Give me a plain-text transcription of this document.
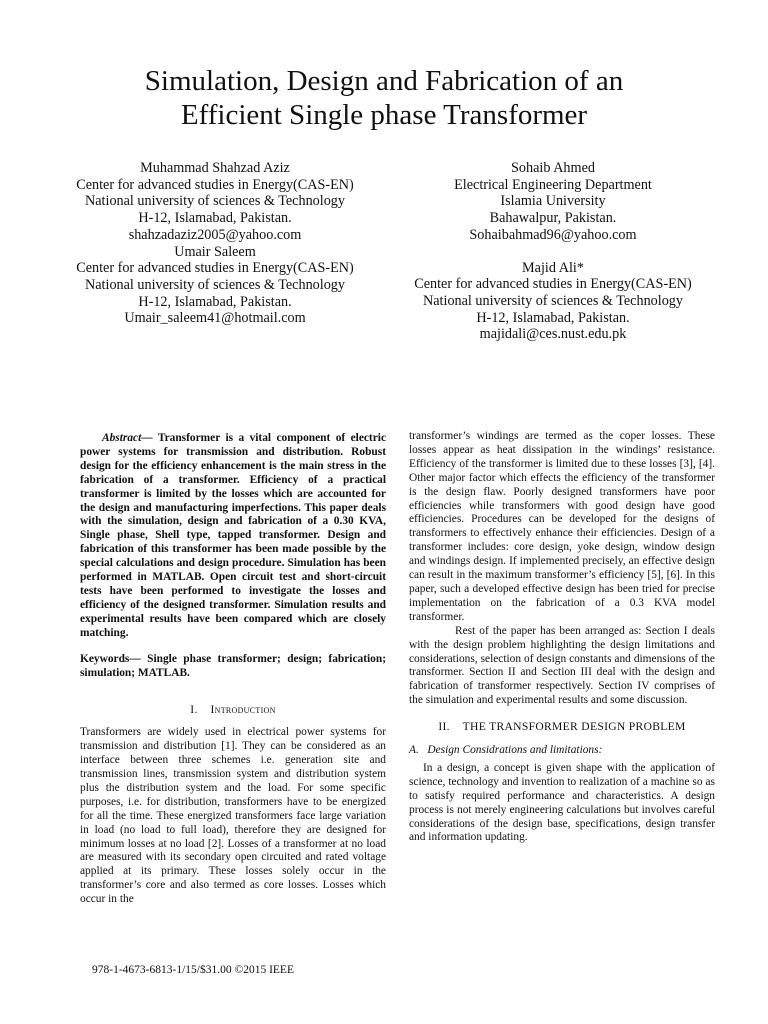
Simulation, Design and Fabrication of an
Efficient Single phase Transformer
Muhammad Shahzad Aziz
Center for advanced studies in Energy(CAS-EN)
National university of sciences & Technology
H-12, Islamabad, Pakistan.
shahzadaziz2005@yahoo.com
Umair Saleem
Center for advanced studies in Energy(CAS-EN)
National university of sciences & Technology
H-12, Islamabad, Pakistan.
Umair_saleem41@hotmail.com
Sohaib Ahmed
Electrical Engineering Department
Islamia University
Bahawalpur, Pakistan.
Sohaibahmad96@yahoo.com
Majid Ali*
Center for advanced studies in Energy(CAS-EN)
National university of sciences & Technology
H-12, Islamabad, Pakistan.
majidali@ces.nust.edu.pk

Abstract— Transformer is a vital component of electric power systems for transmission and distribution. Robust design for the efficiency enhancement is the main stress in the fabrication of a transformer. Efficiency of a practical transformer is limited by the losses which are accounted for the design and manufacturing imperfections. This paper deals with the simulation, design and fabrication of a 0.30 KVA, Single phase, Shell type, tapped transformer. Design and fabrication of this transformer has been made possible by the special calculations and design procedure. Simulation has been performed in MATLAB. Open circuit test and short-circuit tests have been performed to investigate the losses and efficiency of the designed transformer. Simulation results and experimental results have been compared which are closely matching.

Keywords— Single phase transformer; design; fabrication; simulation; MATLAB.

I. Introduction

Transformers are widely used in electrical power systems for transmission and distribution [1]. They can be considered as an interface between three schemes i.e. generation site and transmission lines, transmission system and distribution system plus the distribution system and the load. For some specific purposes, i.e. for distribution, transformers have to be energized for all the time. These energized transformers face large variation in load (no load to full load), therefore they are designed for minimum losses at no load [2]. Losses of a transformer at no load are measured with its secondary open circuited and rated voltage applied at its primary. These losses solely occur in the transformer’s core and also termed as core losses. Losses which occur in the

transformer’s windings are termed as the coper losses. These losses appear as heat dissipation in the windings’ resistance. Efficiency of the transformer is limited due to these losses [3], [4]. Other major factor which effects the efficiency of the transformer is the design flaw. Poorly designed transformers have poor efficiencies while transformers with good design have good efficiencies. Procedures can be developed for the designs of transformers to effectively enhance their efficiencies. Design of a transformer includes: core design, yoke design, window design and windings design. If implemented precisely, an effective design can result in the maximum transformer’s efficiency [5], [6]. In this paper, such a developed effective design has been tried for precise implementation on the fabrication of a 0.3 KVA model transformer.

Rest of the paper has been arranged as: Section I deals with the design problem highlighting the design limitations and considerations, selection of design constants and dimensions of the transformer. Section II and Section III deal with the design and fabrication of transformer respectively. Section IV comprises of the simulation and experimental results and some discussion.

II. THE TRANSFORMER DESIGN PROBLEM
A. Design Considrations and limitations:

In a design, a concept is given shape with the application of science, technology and invention to realization of a machine so as to satisfy required performance and characteristics. A design process is not merely engineering calculations but involves careful considerations of the design base, specifications, design transfer and information updating.

978-1-4673-6813-1/15/$31.00 ©2015 IEEE
